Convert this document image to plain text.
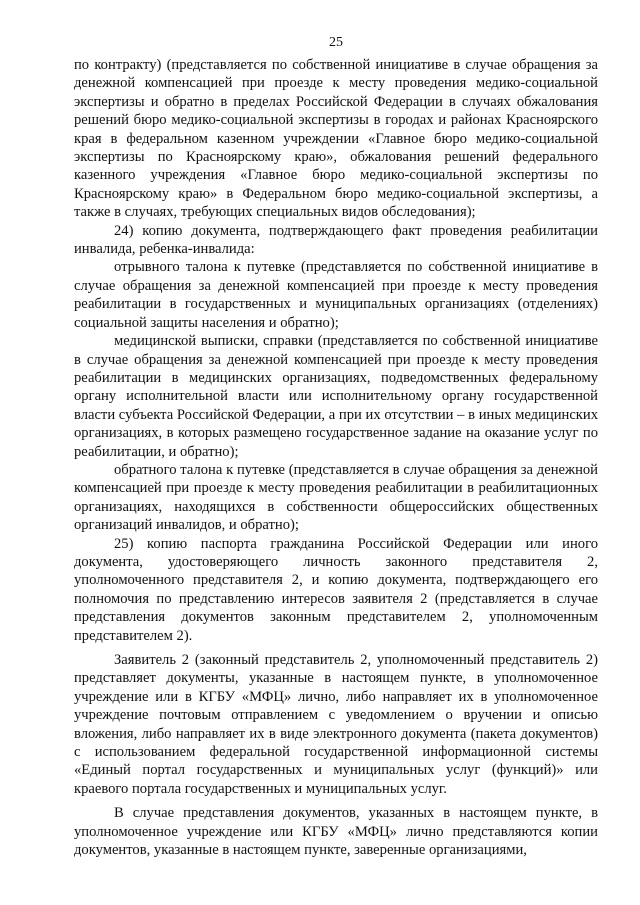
25

по контракту) (представляется по собственной инициативе в случае обращения за денежной компенсацией при проезде к месту проведения медико-социальной экспертизы и обратно в пределах Российской Федерации в случаях обжалования решений бюро медико-социальной экспертизы в городах и районах Красноярского края в федеральном казенном учреждении «Главное бюро медико-социальной экспертизы по Красноярскому краю», обжалования решений федерального казенного учреждения «Главное бюро медико-социальной экспертизы по Красноярскому краю» в Федеральном бюро медико-социальной экспертизы, а также в случаях, требующих специальных видов обследования);

24) копию документа, подтверждающего факт проведения реабилитации инвалида, ребенка-инвалида:

отрывного талона к путевке (представляется по собственной инициативе в случае обращения за денежной компенсацией при проезде к месту проведения реабилитации в государственных и муниципальных организациях (отделениях) социальной защиты населения и обратно);

медицинской выписки, справки (представляется по собственной инициативе в случае обращения за денежной компенсацией при проезде к месту проведения реабилитации в медицинских организациях, подведомственных федеральному органу исполнительной власти или исполнительному органу государственной власти субъекта Российской Федерации, а при их отсутствии – в иных медицинских организациях, в которых размещено государственное задание на оказание услуг по реабилитации, и обратно);

обратного талона к путевке (представляется в случае обращения за денежной компенсацией при проезде к месту проведения реабилитации в реабилитационных организациях, находящихся в собственности общероссийских общественных организаций инвалидов, и обратно);

25) копию паспорта гражданина Российской Федерации или иного документа, удостоверяющего личность законного представителя 2, уполномоченного представителя 2, и копию документа, подтверждающего его полномочия по представлению интересов заявителя 2 (представляется в случае представления документов законным представителем 2, уполномоченным представителем 2).

Заявитель 2 (законный представитель 2, уполномоченный представитель 2) представляет документы, указанные в настоящем пункте, в уполномоченное учреждение или в КГБУ «МФЦ» лично, либо направляет их в уполномоченное учреждение почтовым отправлением с уведомлением о вручении и описью вложения, либо направляет их в виде электронного документа (пакета документов) с использованием федеральной государственной информационной системы «Единый портал государственных и муниципальных услуг (функций)» или краевого портала государственных и муниципальных услуг.

В случае представления документов, указанных в настоящем пункте, в уполномоченное учреждение или КГБУ «МФЦ» лично представляются копии документов, указанные в настоящем пункте, заверенные организациями,
